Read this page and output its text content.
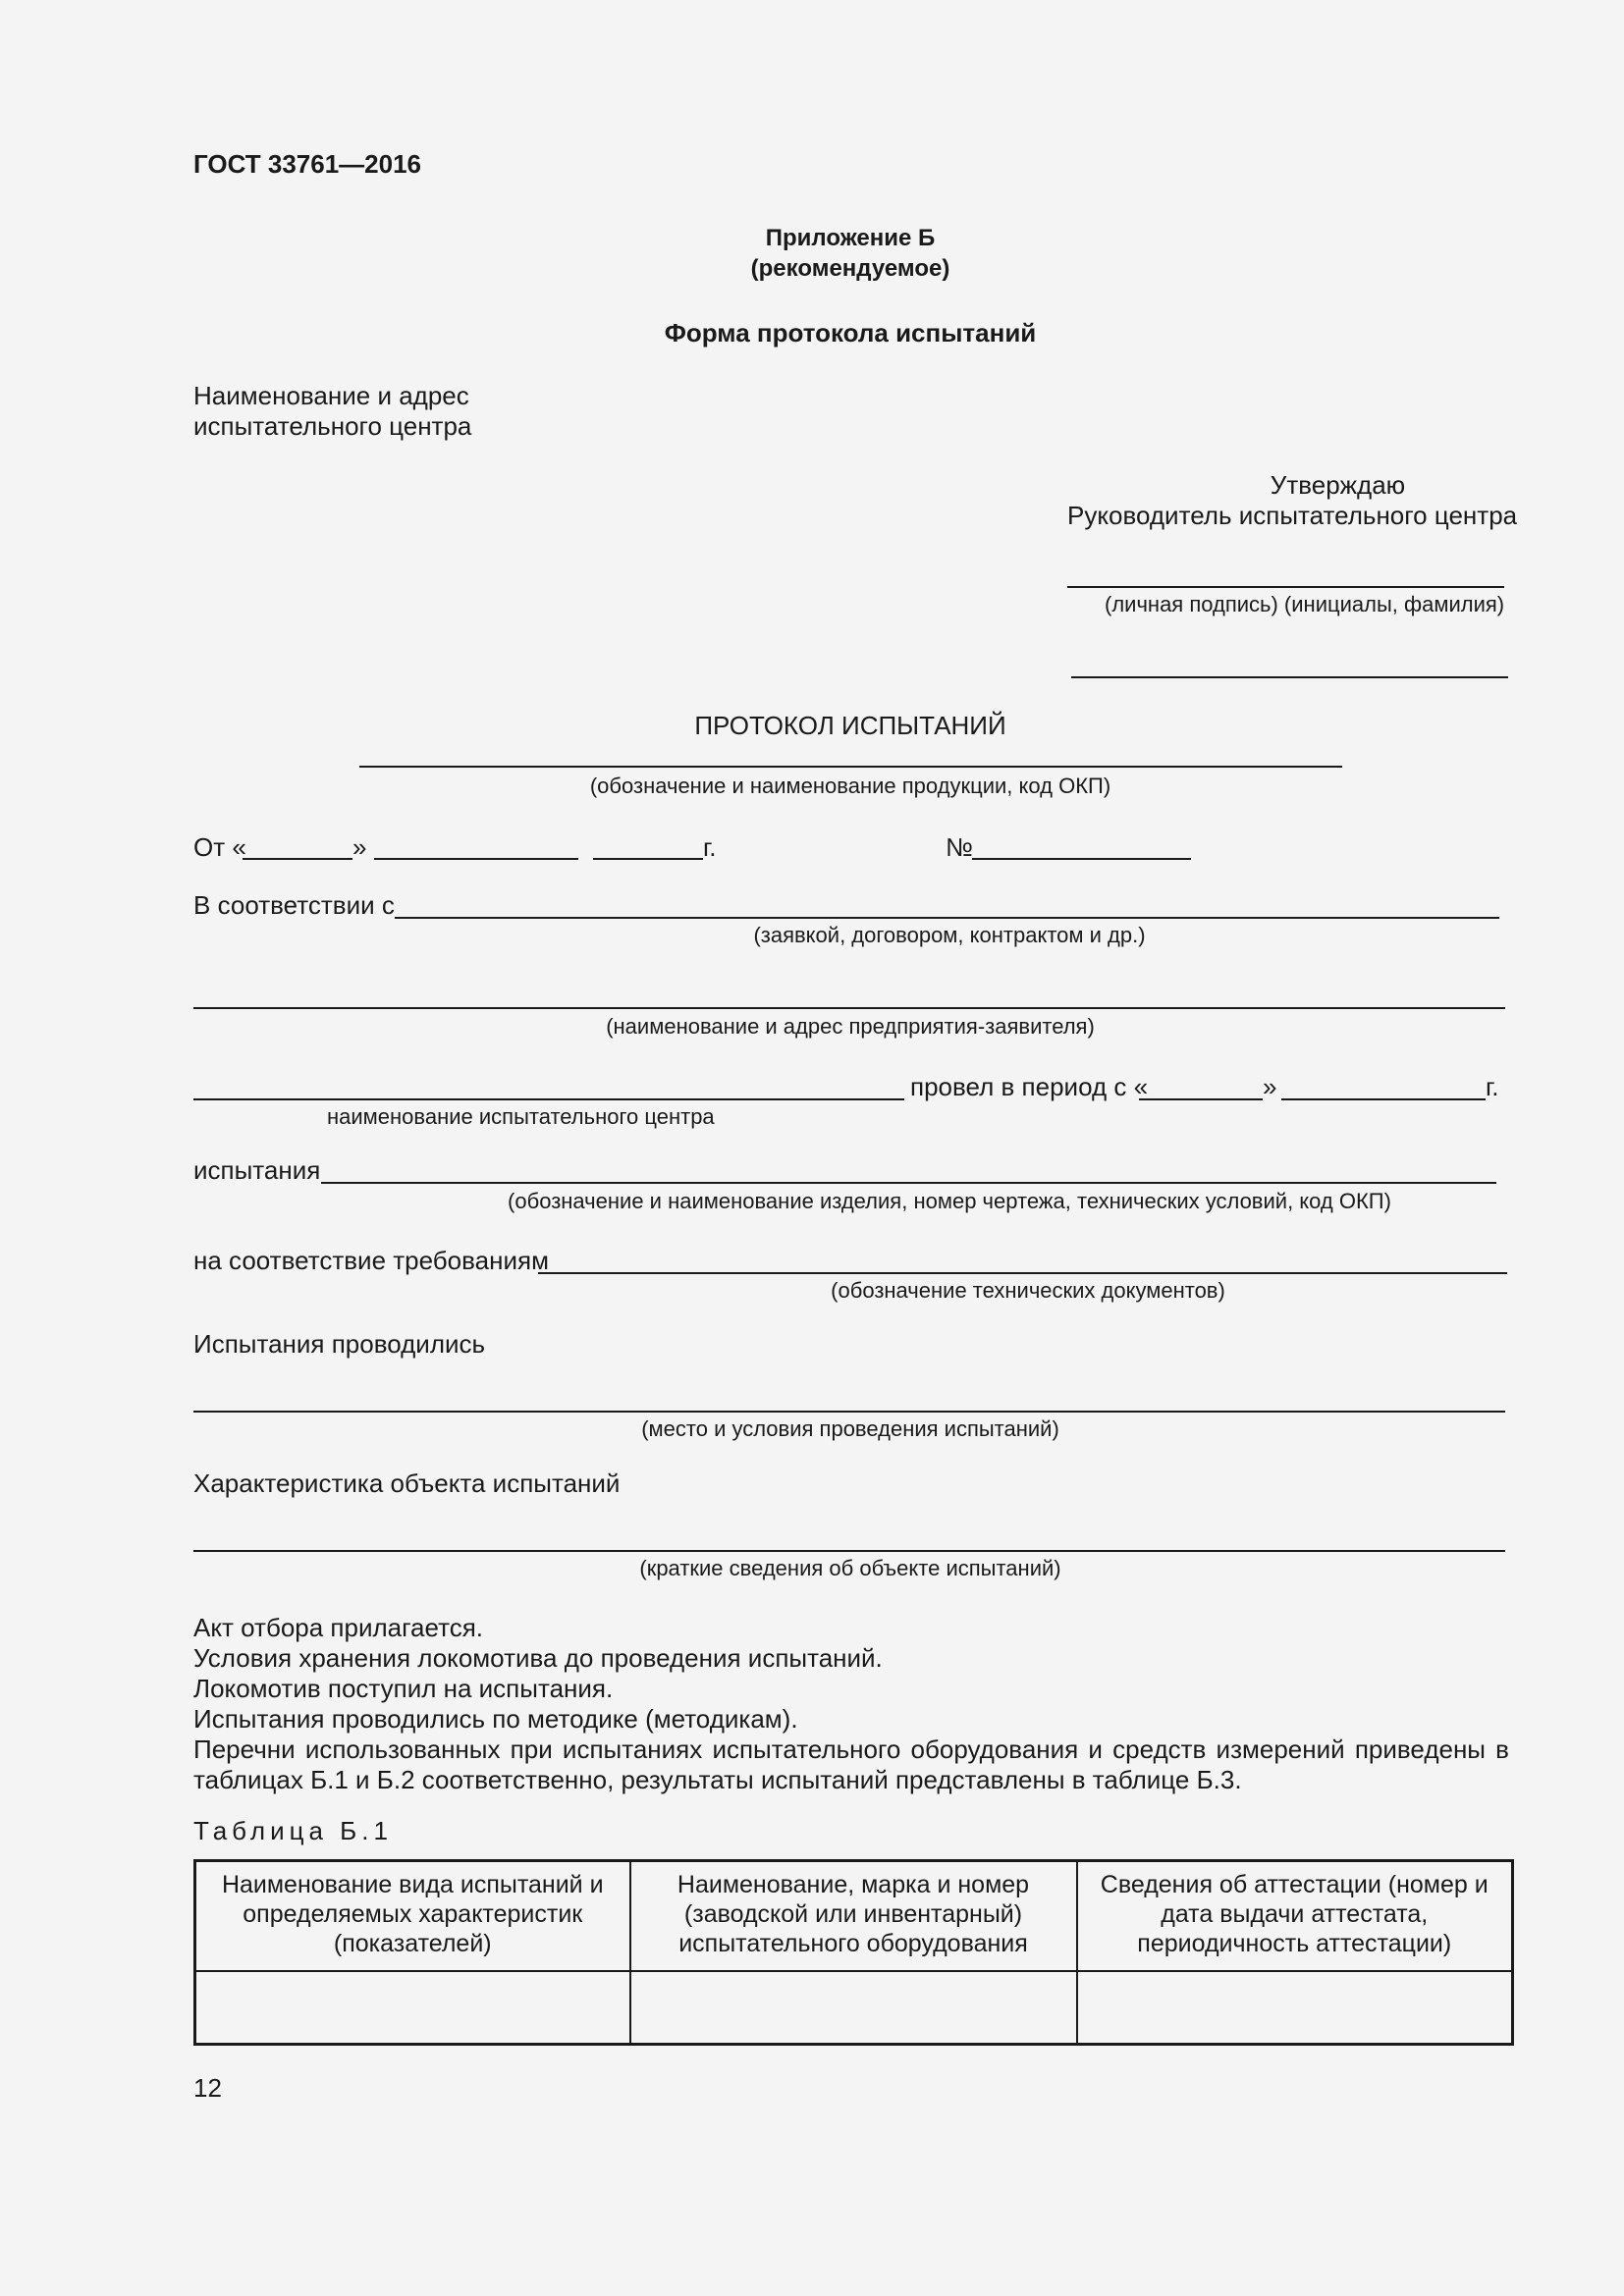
ГОСТ 33761—2016
Приложение Б
(рекомендуемое)
Форма протокола испытаний
Наименование и адрес
испытательного центра
Утверждаю
Руководитель испытательного центра
(личная подпись) (инициалы, фамилия)
ПРОТОКОЛ ИСПЫТАНИЙ
(обозначение и наименование продукции, код ОКП)
От «	»	г.	№
В соответствии с
(заявкой, договором, контрактом и др.)
(наименование и адрес предприятия-заявителя)
провел в период с «	»	г.
наименование испытательного центра
испытания
(обозначение и наименование изделия, номер чертежа, технических условий, код ОКП)
на соответствие требованиям
(обозначение технических документов)
Испытания проводились
(место и условия проведения испытаний)
Характеристика объекта испытаний
(краткие сведения об объекте испытаний)
Акт отбора прилагается.
Условия хранения локомотива до проведения испытаний.
Локомотив поступил на испытания.
Испытания проводились по методике (методикам).
Перечни использованных при испытаниях испытательного оборудования и средств измерений приведены в таблицах Б.1 и Б.2 соответственно, результаты испытаний представлены в таблице Б.3.
Таблица Б.1
Наименование вида испытаний и определяемых характеристик (показателей)	Наименование, марка и номер (заводской или инвентарный) испытательного оборудования	Сведения об аттестации (номер и дата выдачи аттестата, периодичность аттестации)

12
